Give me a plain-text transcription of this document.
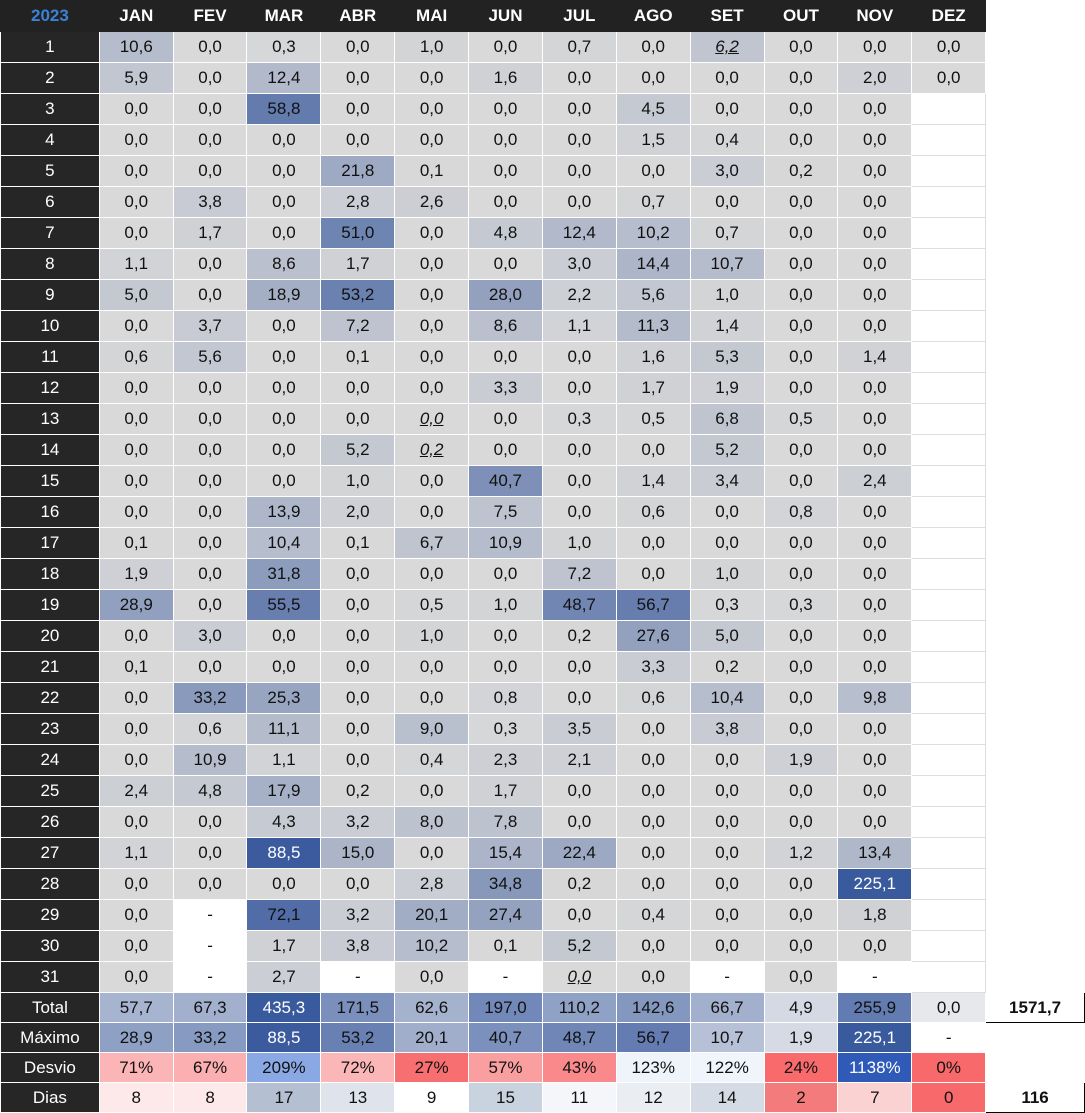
2023	JAN	FEV	MAR	ABR	MAI	JUN	JUL	AGO	SET	OUT	NOV	DEZ	
1	10,6	0,0	0,3	0,0	1,0	0,0	0,7	0,0	6,2	0,0	0,0	0,0	
2	5,9	0,0	12,4	0,0	0,0	1,6	0,0	0,0	0,0	0,0	2,0	0,0	
3	0,0	0,0	58,8	0,0	0,0	0,0	0,0	4,5	0,0	0,0	0,0		
4	0,0	0,0	0,0	0,0	0,0	0,0	0,0	1,5	0,4	0,0	0,0		
5	0,0	0,0	0,0	21,8	0,1	0,0	0,0	0,0	3,0	0,2	0,0		
6	0,0	3,8	0,0	2,8	2,6	0,0	0,0	0,7	0,0	0,0	0,0		
7	0,0	1,7	0,0	51,0	0,0	4,8	12,4	10,2	0,7	0,0	0,0		
8	1,1	0,0	8,6	1,7	0,0	0,0	3,0	14,4	10,7	0,0	0,0		
9	5,0	0,0	18,9	53,2	0,0	28,0	2,2	5,6	1,0	0,0	0,0		
10	0,0	3,7	0,0	7,2	0,0	8,6	1,1	11,3	1,4	0,0	0,0		
11	0,6	5,6	0,0	0,1	0,0	0,0	0,0	1,6	5,3	0,0	1,4		
12	0,0	0,0	0,0	0,0	0,0	3,3	0,0	1,7	1,9	0,0	0,0		
13	0,0	0,0	0,0	0,0	0,0	0,0	0,3	0,5	6,8	0,5	0,0		
14	0,0	0,0	0,0	5,2	0,2	0,0	0,0	0,0	5,2	0,0	0,0		
15	0,0	0,0	0,0	1,0	0,0	40,7	0,0	1,4	3,4	0,0	2,4		
16	0,0	0,0	13,9	2,0	0,0	7,5	0,0	0,6	0,0	0,8	0,0		
17	0,1	0,0	10,4	0,1	6,7	10,9	1,0	0,0	0,0	0,0	0,0		
18	1,9	0,0	31,8	0,0	0,0	0,0	7,2	0,0	1,0	0,0	0,0		
19	28,9	0,0	55,5	0,0	0,5	1,0	48,7	56,7	0,3	0,3	0,0		
20	0,0	3,0	0,0	0,0	1,0	0,0	0,2	27,6	5,0	0,0	0,0		
21	0,1	0,0	0,0	0,0	0,0	0,0	0,0	3,3	0,2	0,0	0,0		
22	0,0	33,2	25,3	0,0	0,0	0,8	0,0	0,6	10,4	0,0	9,8		
23	0,0	0,6	11,1	0,0	9,0	0,3	3,5	0,0	3,8	0,0	0,0		
24	0,0	10,9	1,1	0,0	0,4	2,3	2,1	0,0	0,0	1,9	0,0		
25	2,4	4,8	17,9	0,2	0,0	1,7	0,0	0,0	0,0	0,0	0,0		
26	0,0	0,0	4,3	3,2	8,0	7,8	0,0	0,0	0,0	0,0	0,0		
27	1,1	0,0	88,5	15,0	0,0	15,4	22,4	0,0	0,0	1,2	13,4		
28	0,0	0,0	0,0	0,0	2,8	34,8	0,2	0,0	0,0	0,0	225,1		
29	0,0	-	72,1	3,2	20,1	27,4	0,0	0,4	0,0	0,0	1,8		
30	0,0	-	1,7	3,8	10,2	0,1	5,2	0,0	0,0	0,0	0,0		
31	0,0	-	2,7	-	0,0	-	0,0	0,0	-	0,0	-		
Total	57,7	67,3	435,3	171,5	62,6	197,0	110,2	142,6	66,7	4,9	255,9	0,0	1571,7
Máximo	28,9	33,2	88,5	53,2	20,1	40,7	48,7	56,7	10,7	1,9	225,1	-	
Desvio	71%	67%	209%	72%	27%	57%	43%	123%	122%	24%	1138%	0%	
Dias	8	8	17	13	9	15	11	12	14	2	7	0	116
